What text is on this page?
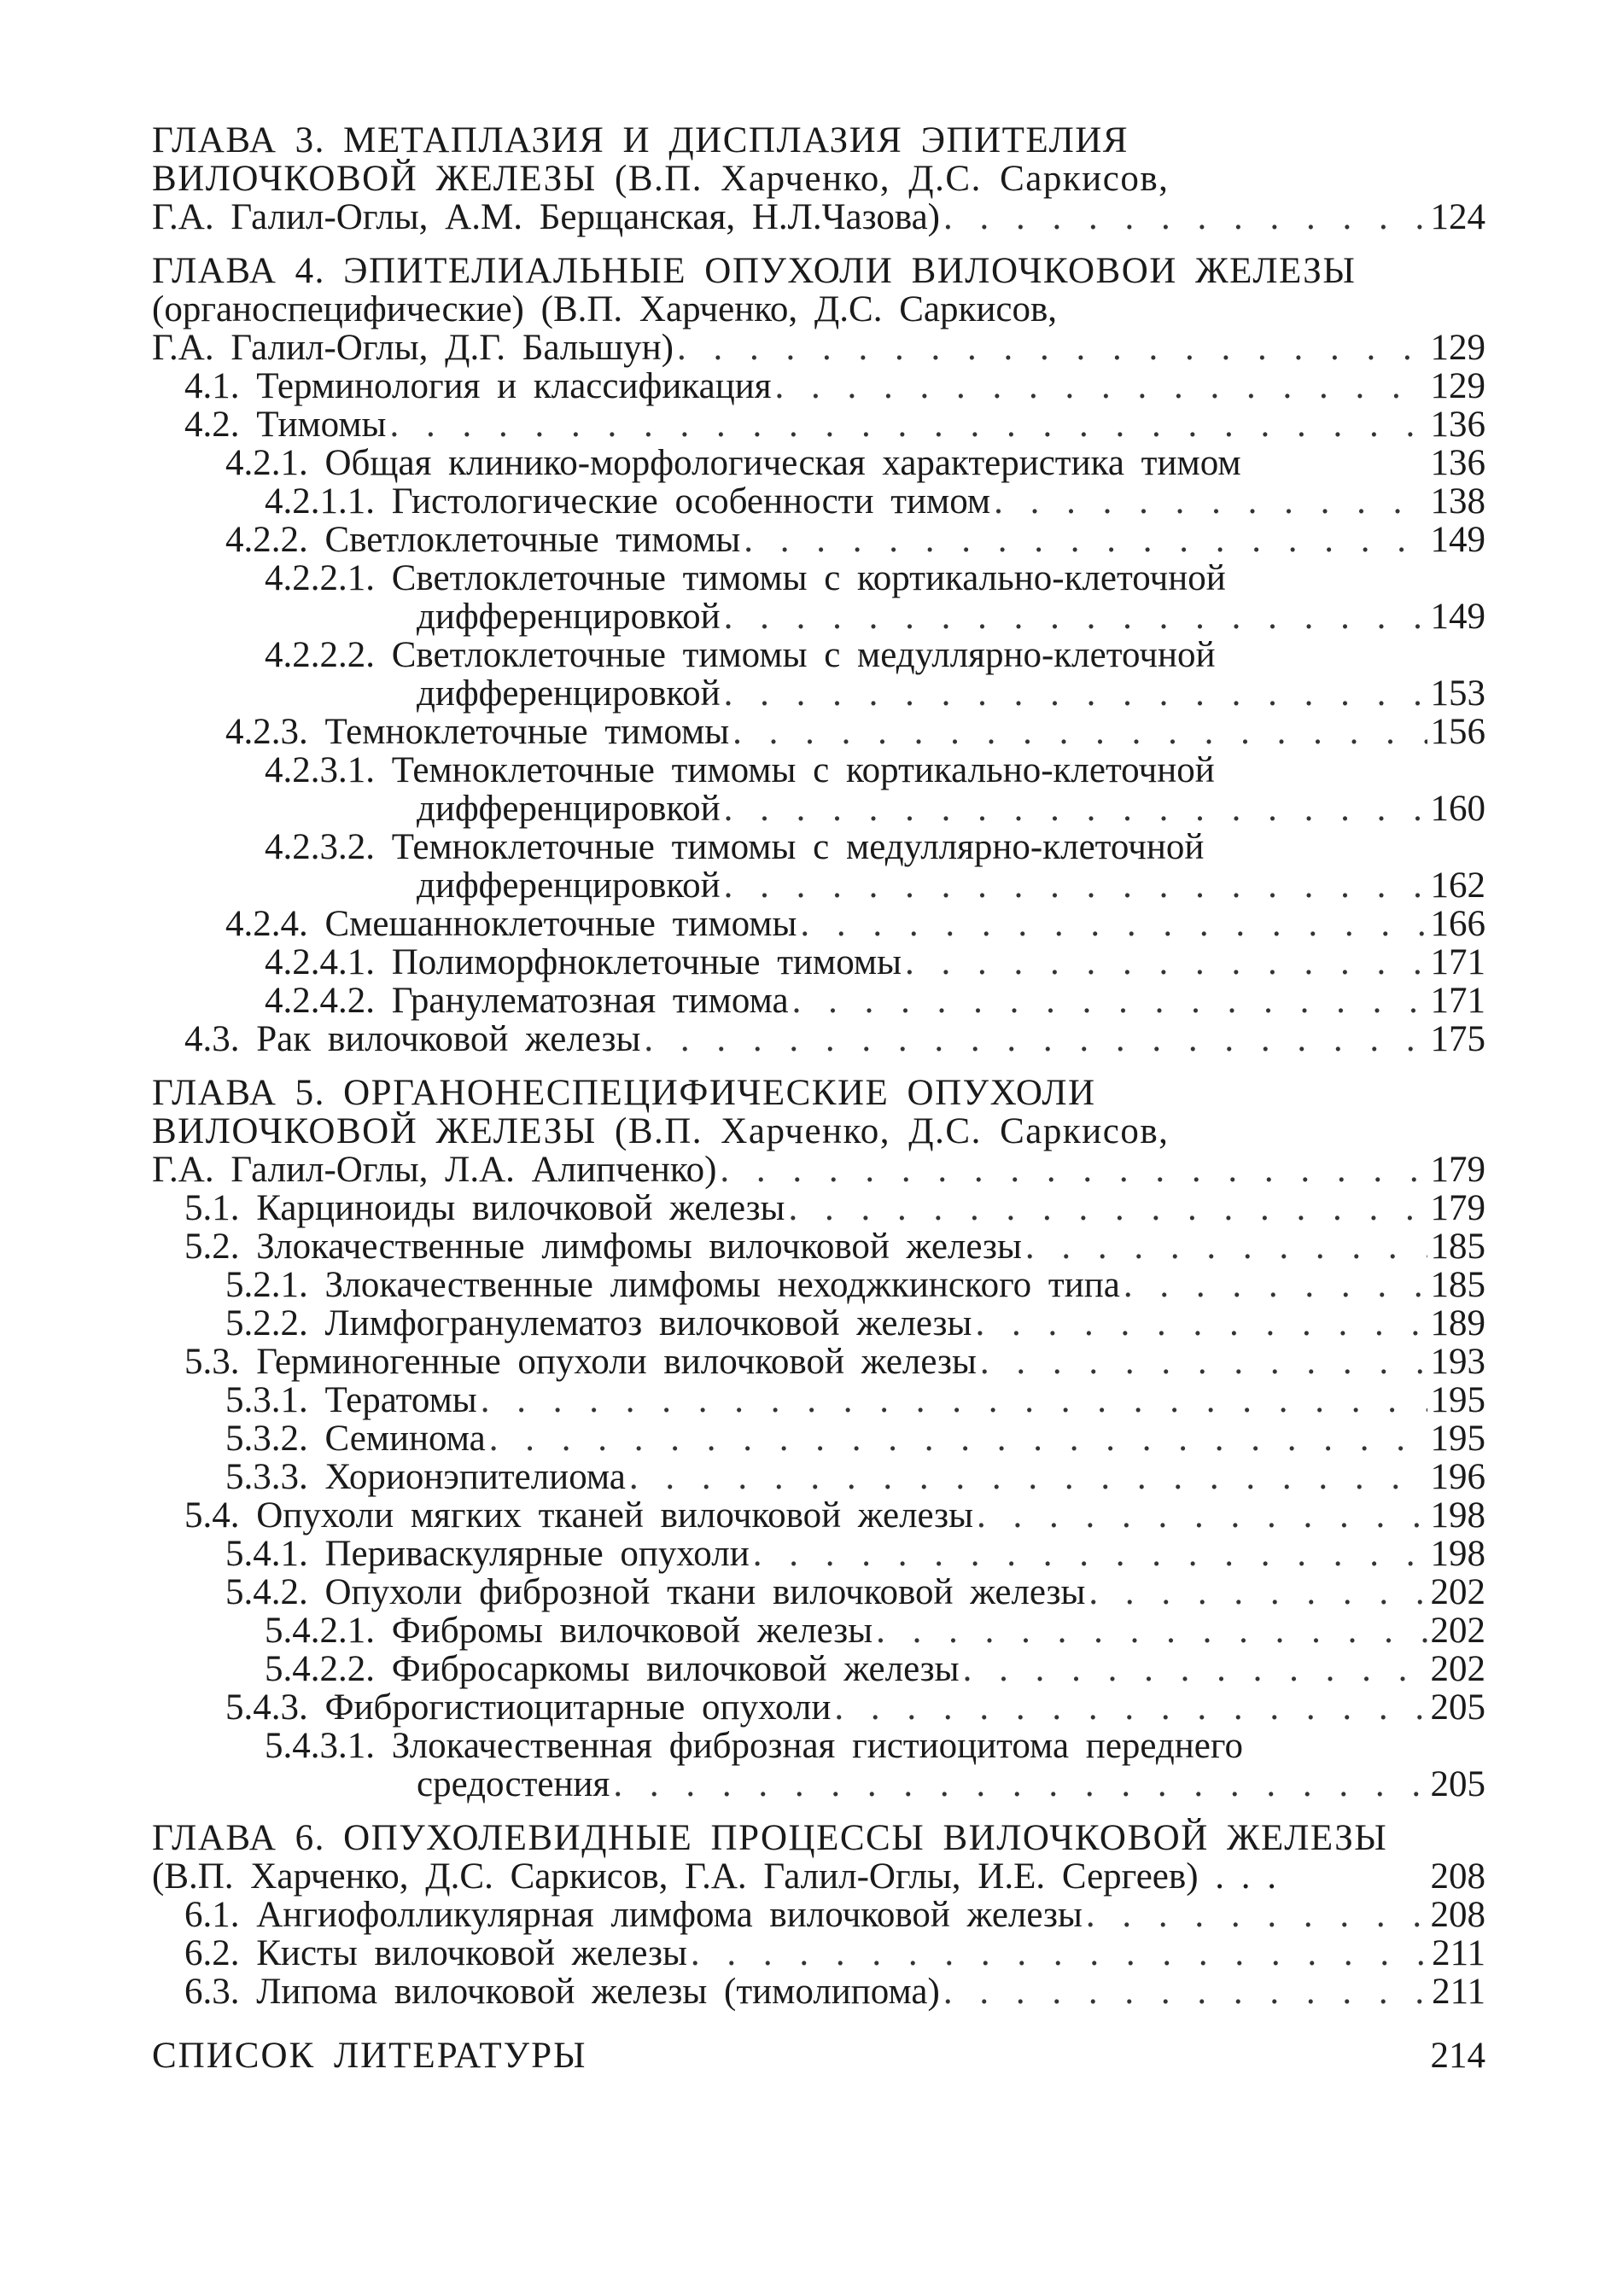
ГЛАВА 3. МЕТАПЛАЗИЯ И ДИСПЛАЗИЯ ЭПИТЕЛИЯ
ВИЛОЧКОВОЙ ЖЕЛЕЗЫ (В.П. Харченко, Д.С. Саркисов,
Г.А. Галил-Оглы, А.М. Берщанская, Н.Л.Чазова) . . .	124
ГЛАВА 4. ЭПИТЕЛИАЛЬНЫЕ ОПУХОЛИ ВИЛОЧКОВОИ ЖЕЛЕЗЫ
(органоспецифические) (В.П. Харченко, Д.С. Саркисов,
Г.А. Галил-Оглы, Д.Г. Бальшун) . . .	129
4.1. Терминология и классификация . . .	129
4.2. Тимомы . . .	136
4.2.1. Общая клинико-морфологическая характеристика тимом	136
4.2.1.1. Гистологические особенности тимом . . .	138
4.2.2. Светлоклеточные тимомы . . .	149
4.2.2.1. Светлоклеточные тимомы с кортикально-клеточной
дифференцировкой . . .	149
4.2.2.2. Светлоклеточные тимомы с медуллярно-клеточной
дифференцировкой . . .	153
4.2.3. Темноклеточные тимомы . . .	156
4.2.3.1. Темноклеточные тимомы с кортикально-клеточной
дифференцировкой . . .	160
4.2.3.2. Темноклеточные тимомы с медуллярно-клеточной
дифференцировкой . . .	162
4.2.4. Смешанноклеточные тимомы . . .	166
4.2.4.1. Полиморфноклеточные тимомы . . .	171
4.2.4.2. Гранулематозная тимома . . .	171
4.3. Рак вилочковой железы . . .	175
ГЛАВА 5. ОРГАНОНЕСПЕЦИФИЧЕСКИЕ ОПУХОЛИ
ВИЛОЧКОВОЙ ЖЕЛЕЗЫ (В.П. Харченко, Д.С. Саркисов,
Г.А. Галил-Оглы, Л.А. Алипченко) . . .	179
5.1. Карциноиды вилочковой железы . . .	179
5.2. Злокачественные лимфомы вилочковой железы . . .	185
5.2.1. Злокачественные лимфомы неходжкинского типа . . .	185
5.2.2. Лимфогранулематоз вилочковой железы . . .	189
5.3. Герминогенные опухоли вилочковой железы . . .	193
5.3.1. Тератомы . . .	195
5.3.2. Семинома . . .	195
5.3.3. Хорионэпителиома . . .	196
5.4. Опухоли мягких тканей вилочковой железы . . .	198
5.4.1. Периваскулярные опухоли . . .	198
5.4.2. Опухоли фиброзной ткани вилочковой железы . . .	202
5.4.2.1. Фибромы вилочковой железы . . .	202
5.4.2.2. Фибросаркомы вилочковой железы . . .	202
5.4.3. Фиброгистиоцитарные опухоли . . .	205
5.4.3.1. Злокачественная фиброзная гистиоцитома переднего
средостения . . .	205
ГЛАВА 6. ОПУХОЛЕВИДНЫЕ ПРОЦЕССЫ ВИЛОЧКОВОЙ ЖЕЛЕЗЫ
(В.П. Харченко, Д.С. Саркисов, Г.А. Галил-Оглы, И.Е. Сергеев) . . .	208
6.1. Ангиофолликулярная лимфома вилочковой железы . . .	208
6.2. Кисты вилочковой железы . . .	211
6.3. Липома вилочковой железы (тимолипома) . . .	211
СПИСОК ЛИТЕРАТУРЫ	214
